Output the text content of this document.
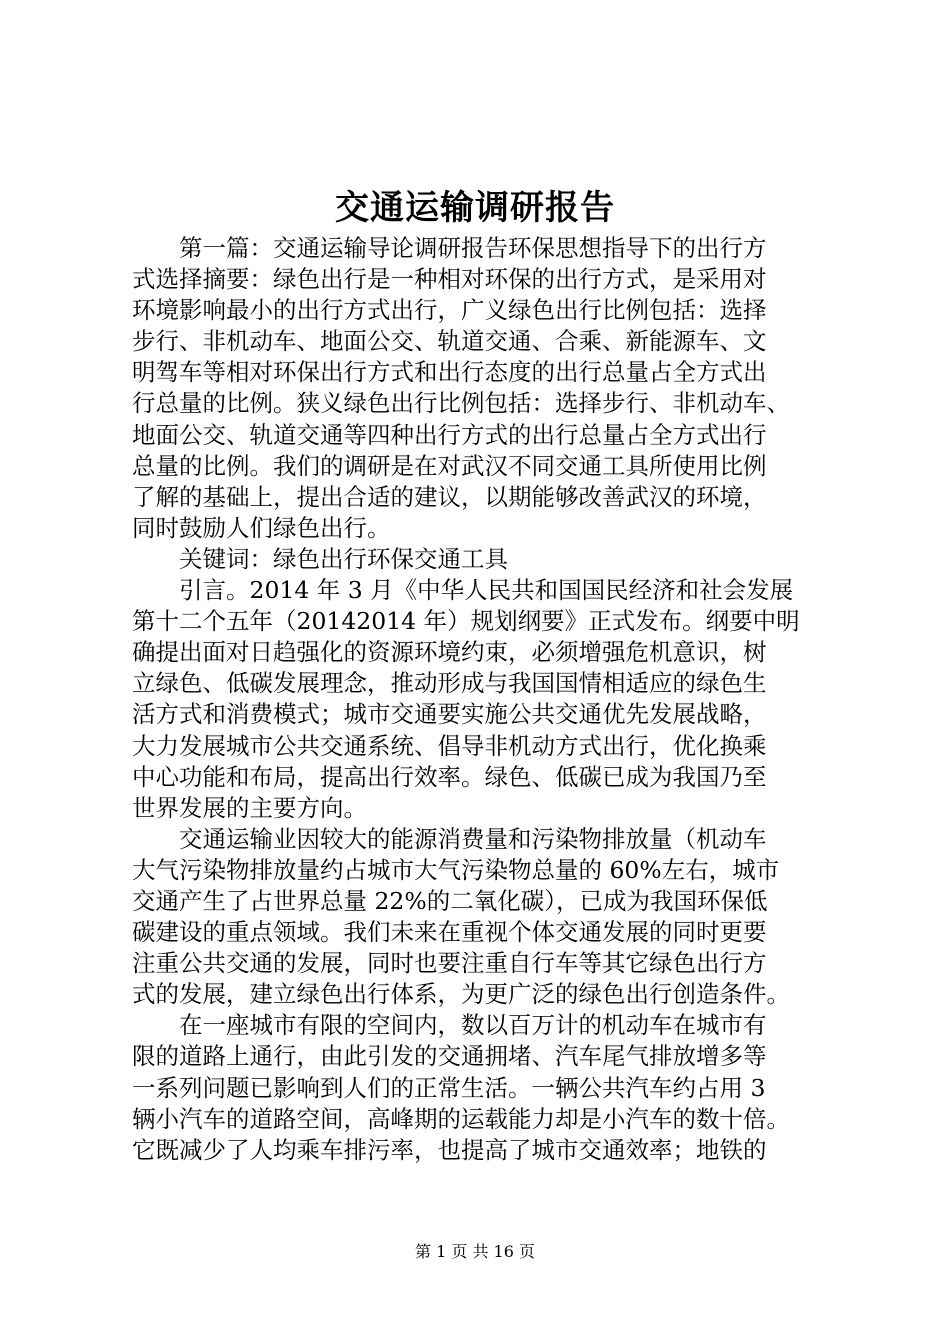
交通运输调研报告

第一篇：交通运输导论调研报告环保思想指导下的出行方
式选择摘要：绿色出行是一种相对环保的出行方式，是采用对
环境影响最小的出行方式出行，广义绿色出行比例包括：选择
步行、非机动车、地面公交、轨道交通、合乘、新能源车、文
明驾车等相对环保出行方式和出行态度的出行总量占全方式出
行总量的比例。狭义绿色出行比例包括：选择步行、非机动车、
地面公交、轨道交通等四种出行方式的出行总量占全方式出行
总量的比例。我们的调研是在对武汉不同交通工具所使用比例
了解的基础上，提出合适的建议，以期能够改善武汉的环境，
同时鼓励人们绿色出行。

关键词：绿色出行环保交通工具

引言。2014 年 3 月《中华人民共和国国民经济和社会发展
第十二个五年（20142014 年）规划纲要》正式发布。纲要中明
确提出面对日趋强化的资源环境约束，必须增强危机意识，树
立绿色、低碳发展理念，推动形成与我国国情相适应的绿色生
活方式和消费模式；城市交通要实施公共交通优先发展战略，
大力发展城市公共交通系统、倡导非机动方式出行，优化换乘
中心功能和布局，提高出行效率。绿色、低碳已成为我国乃至
世界发展的主要方向。

交通运输业因较大的能源消费量和污染物排放量（机动车
大气污染物排放量约占城市大气污染物总量的 60%左右，城市
交通产生了占世界总量 22%的二氧化碳），已成为我国环保低
碳建设的重点领域。我们未来在重视个体交通发展的同时更要
注重公共交通的发展，同时也要注重自行车等其它绿色出行方
式的发展，建立绿色出行体系，为更广泛的绿色出行创造条件。

在一座城市有限的空间内，数以百万计的机动车在城市有
限的道路上通行，由此引发的交通拥堵、汽车尾气排放增多等
一系列问题已影响到人们的正常生活。一辆公共汽车约占用 3
辆小汽车的道路空间，高峰期的运载能力却是小汽车的数十倍。
它既减少了人均乘车排污率，也提高了城市交通效率；地铁的

第 1 页 共 16 页
